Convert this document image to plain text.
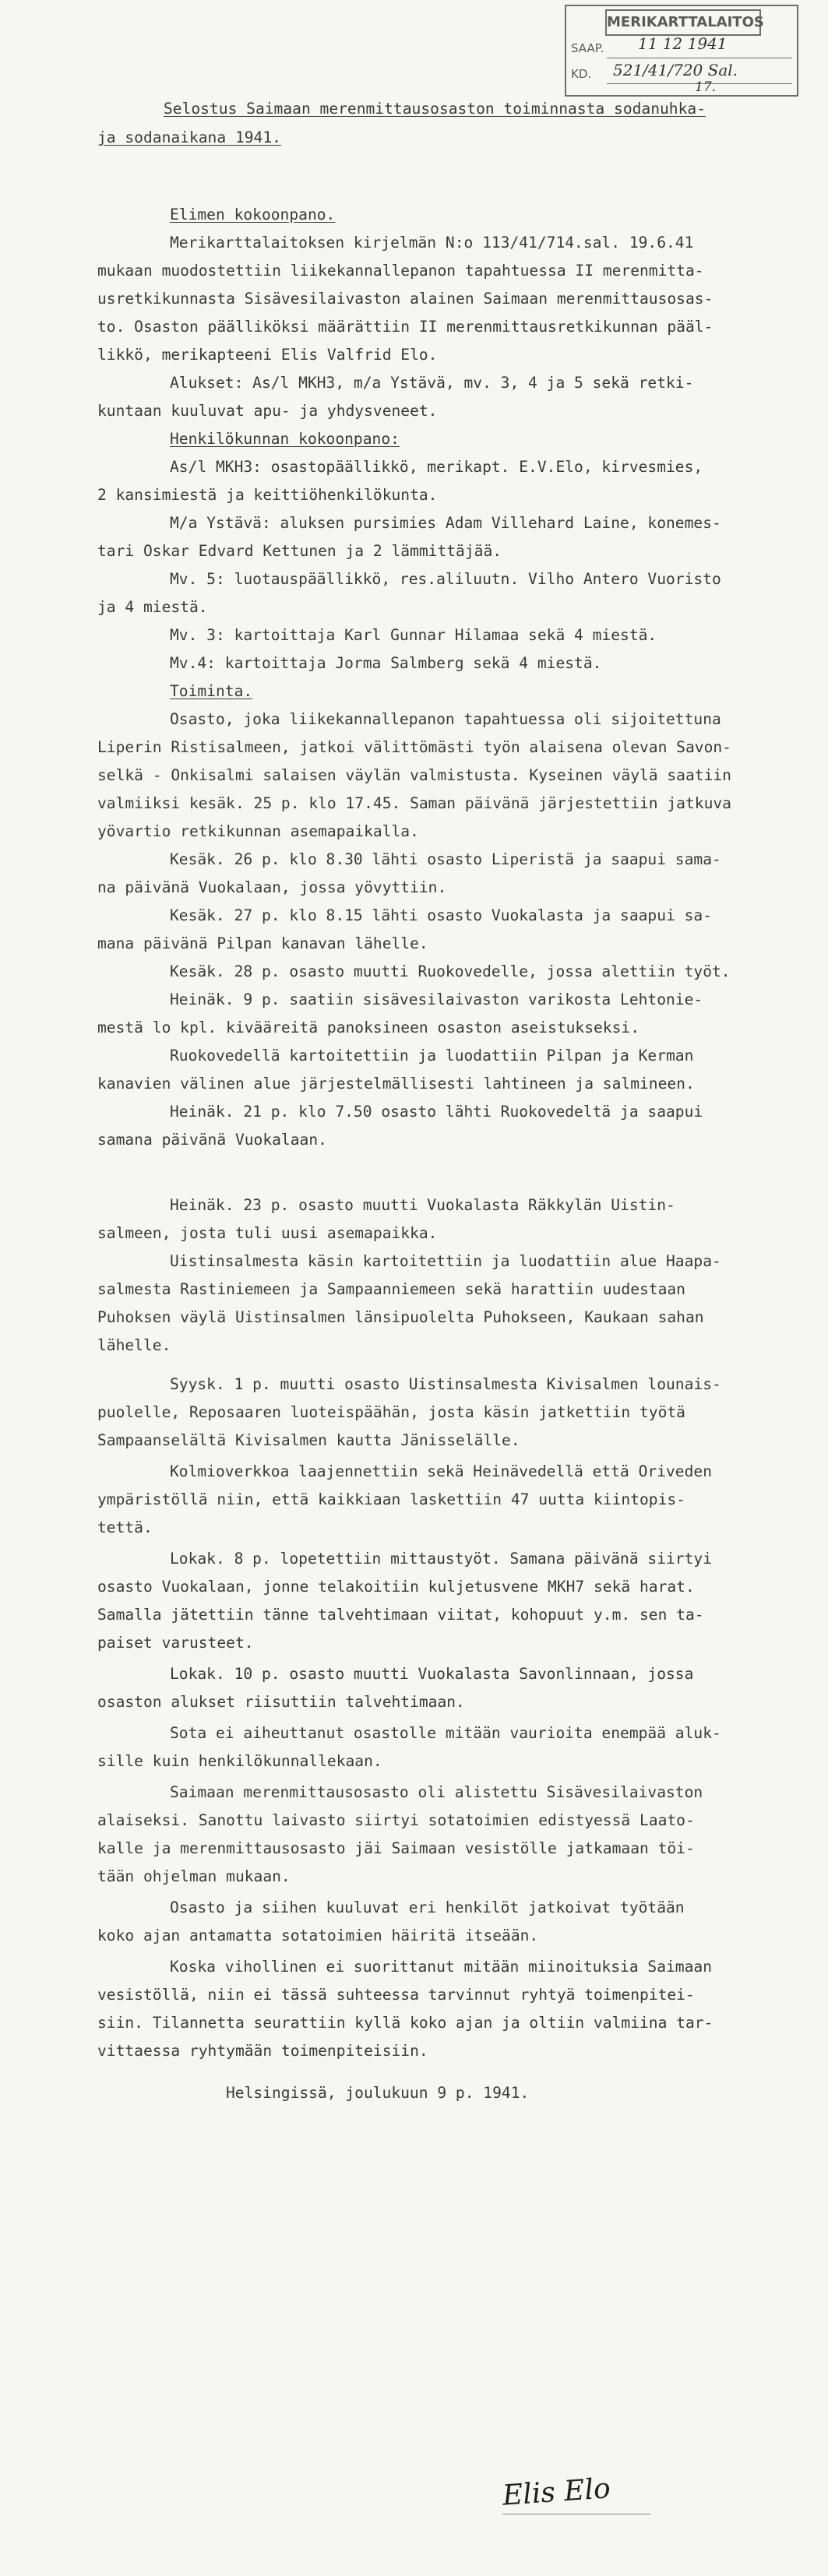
MERIKARTTALAITOS
SAAP. 11 12 1941
KD. 521/41/720 Sal.
17.
Selostus Saimaan merenmittausosaston toiminnasta sodanuhka-
ja sodanaikana 1941.
Elimen kokoonpano.
Merikarttalaitoksen kirjelmän N:o 113/41/714.sal. 19.6.41
mukaan muodostettiin liikekannallepanon tapahtuessa II merenmitta-
usretkikunnasta Sisävesilaivaston alainen Saimaan merenmittausosas-
to. Osaston päälliköksi määrättiin II merenmittausretkikunnan pääl-
likkö, merikapteeni Elis Valfrid Elo.
Alukset: As/l MKH3, m/a Ystävä, mv. 3, 4 ja 5 sekä retki-
kuntaan kuuluvat apu- ja yhdysveneet.
Henkilökunnan kokoonpano:
As/l MKH3: osastopäällikkö, merikapt. E.V.Elo, kirvesmies,
2 kansimiestä ja keittiöhenkilökunta.
M/a Ystävä: aluksen pursimies Adam Villehard Laine, konemes-
tari Oskar Edvard Kettunen ja 2 lämmittäjää.
Mv. 5: luotauspäällikkö, res.aliluutn. Vilho Antero Vuoristo
ja 4 miestä.
Mv. 3: kartoittaja Karl Gunnar Hilamaa sekä 4 miestä.
Mv.4: kartoittaja Jorma Salmberg sekä 4 miestä.
Toiminta.
Osasto, joka liikekannallepanon tapahtuessa oli sijoitettuna
Liperin Ristisalmeen, jatkoi välittömästi työn alaisena olevan Savon-
selkä - Onkisalmi salaisen väylän valmistusta. Kyseinen väylä saatiin
valmiiksi kesäk. 25 p. klo 17.45. Saman päivänä järjestettiin jatkuva
yövartio retkikunnan asemapaikalla.
Kesäk. 26 p. klo 8.30 lähti osasto Liperistä ja saapui sama-
na päivänä Vuokalaan, jossa yövyttiin.
Kesäk. 27 p. klo 8.15 lähti osasto Vuokalasta ja saapui sa-
mana päivänä Pilpan kanavan lähelle.
Kesäk. 28 p. osasto muutti Ruokovedelle, jossa alettiin työt.
Heinäk. 9 p. saatiin sisävesilaivaston varikosta Lehtonie-
mestä lo kpl. kivääreitä panoksineen osaston aseistukseksi.
Ruokovedellä kartoitettiin ja luodattiin Pilpan ja Kerman
kanavien välinen alue järjestelmällisesti lahtineen ja salmineen.
Heinäk. 21 p. klo 7.50 osasto lähti Ruokovedeltä ja saapui
samana päivänä Vuokalaan.
Heinäk. 23 p. osasto muutti Vuokalasta Räkkylän Uistin-
salmeen, josta tuli uusi asemapaikka.
Uistinsalmesta käsin kartoitettiin ja luodattiin alue Haapa-
salmesta Rastiniemeen ja Sampaanniemeen sekä harattiin uudestaan
Puhoksen väylä Uistinsalmen länsipuolelta Puhokseen, Kaukaan sahan
lähelle.
Syysk. 1 p. muutti osasto Uistinsalmesta Kivisalmen lounais-
puolelle, Reposaaren luoteispäähän, josta käsin jatkettiin työtä
Sampaanselältä Kivisalmen kautta Jänisselälle.
Kolmioverkkoa laajennettiin sekä Heinävedellä että Oriveden
ympäristöllä niin, että kaikkiaan laskettiin 47 uutta kiintopis-
tettä.
Lokak. 8 p. lopetettiin mittaustyöt. Samana päivänä siirtyi
osasto Vuokalaan, jonne telakoitiin kuljetusvene MKH7 sekä harat.
Samalla jätettiin tänne talvehtimaan viitat, kohopuut y.m. sen ta-
paiset varusteet.
Lokak. 10 p. osasto muutti Vuokalasta Savonlinnaan, jossa
osaston alukset riisuttiin talvehtimaan.
Sota ei aiheuttanut osastolle mitään vaurioita enempää aluk-
sille kuin henkilökunnallekaan.
Saimaan merenmittausosasto oli alistettu Sisävesilaivaston
alaiseksi. Sanottu laivasto siirtyi sotatoimien edistyessä Laato-
kalle ja merenmittausosasto jäi Saimaan vesistölle jatkamaan töi-
tään ohjelman mukaan.
Osasto ja siihen kuuluvat eri henkilöt jatkoivat työtään
koko ajan antamatta sotatoimien häiritä itseään.
Koska vihollinen ei suorittanut mitään miinoituksia Saimaan
vesistöllä, niin ei tässä suhteessa tarvinnut ryhtyä toimenpitei-
siin. Tilannetta seurattiin kyllä koko ajan ja oltiin valmiina tar-
vittaessa ryhtymään toimenpiteisiin.
Helsingissä, joulukuun 9 p. 1941.
Elis Elo
